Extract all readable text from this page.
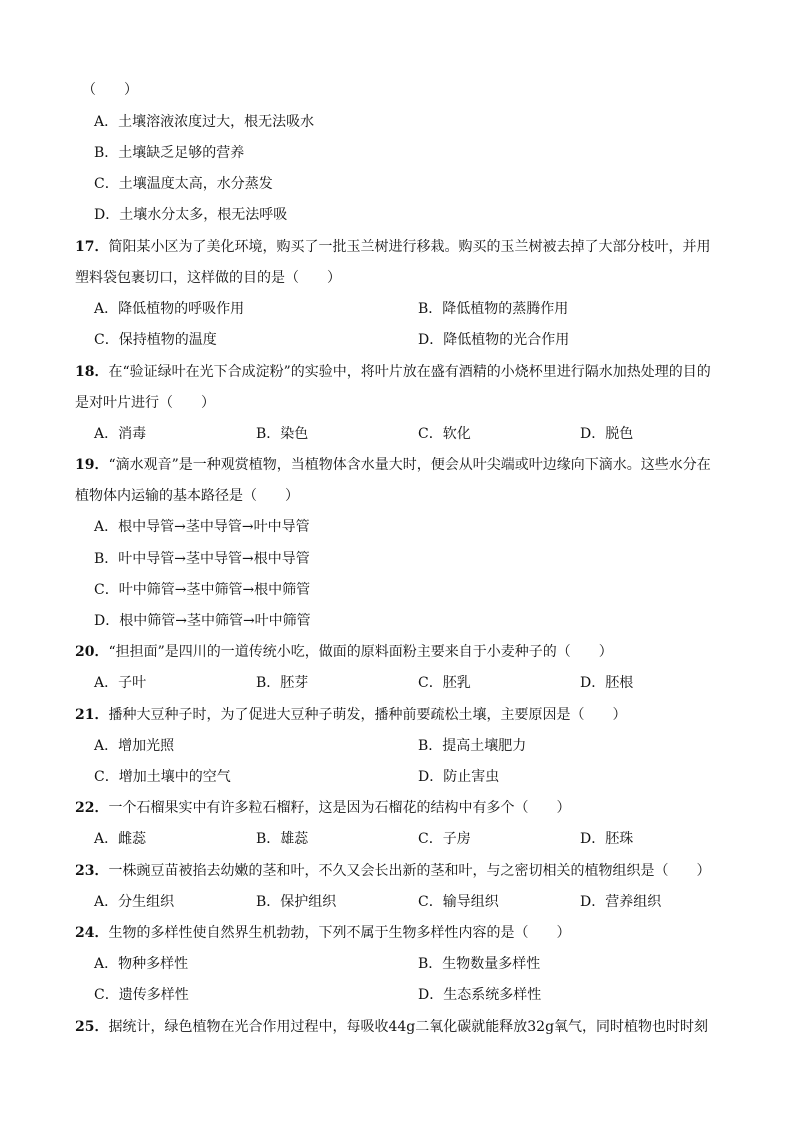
（　　）
A．土壤溶液浓度过大，根无法吸水
B．土壤缺乏足够的营养
C．土壤温度太高，水分蒸发
D．土壤水分太多，根无法呼吸
17．简阳某小区为了美化环境，购买了一批玉兰树进行移栽。购买的玉兰树被去掉了大部分枝叶，并用
塑料袋包裹切口，这样做的目的是（　　）
A．降低植物的呼吸作用	B．降低植物的蒸腾作用
C．保持植物的温度	D．降低植物的光合作用
18．在“验证绿叶在光下合成淀粉”的实验中，将叶片放在盛有酒精的小烧杯里进行隔水加热处理的目的
是对叶片进行（　　）
A．消毒	B．染色	C．软化	D．脱色
19．“滴水观音”是一种观赏植物，当植物体含水量大时，便会从叶尖端或叶边缘向下滴水。这些水分在
植物体内运输的基本路径是（　　）
A．根中导管→茎中导管→叶中导管
B．叶中导管→茎中导管→根中导管
C．叶中筛管→茎中筛管→根中筛管
D．根中筛管→茎中筛管→叶中筛管
20．“担担面”是四川的一道传统小吃，做面的原料面粉主要来自于小麦种子的（　　）
A．子叶	B．胚芽	C．胚乳	D．胚根
21．播种大豆种子时，为了促进大豆种子萌发，播种前要疏松土壤，主要原因是（　　）
A．增加光照	B．提高土壤肥力
C．增加土壤中的空气	D．防止害虫
22．一个石榴果实中有许多粒石榴籽，这是因为石榴花的结构中有多个（　　）
A．雌蕊	B．雄蕊	C．子房	D．胚珠
23．一株豌豆苗被掐去幼嫩的茎和叶，不久又会长出新的茎和叶，与之密切相关的植物组织是（　　）
A．分生组织	B．保护组织	C．输导组织	D．营养组织
24．生物的多样性使自然界生机勃勃，下列不属于生物多样性内容的是（　　）
A．物种多样性	B．生物数量多样性
C．遗传多样性	D．生态系统多样性
25．据统计，绿色植物在光合作用过程中，每吸收44g二氧化碳就能释放32g氧气，同时植物也时时刻
